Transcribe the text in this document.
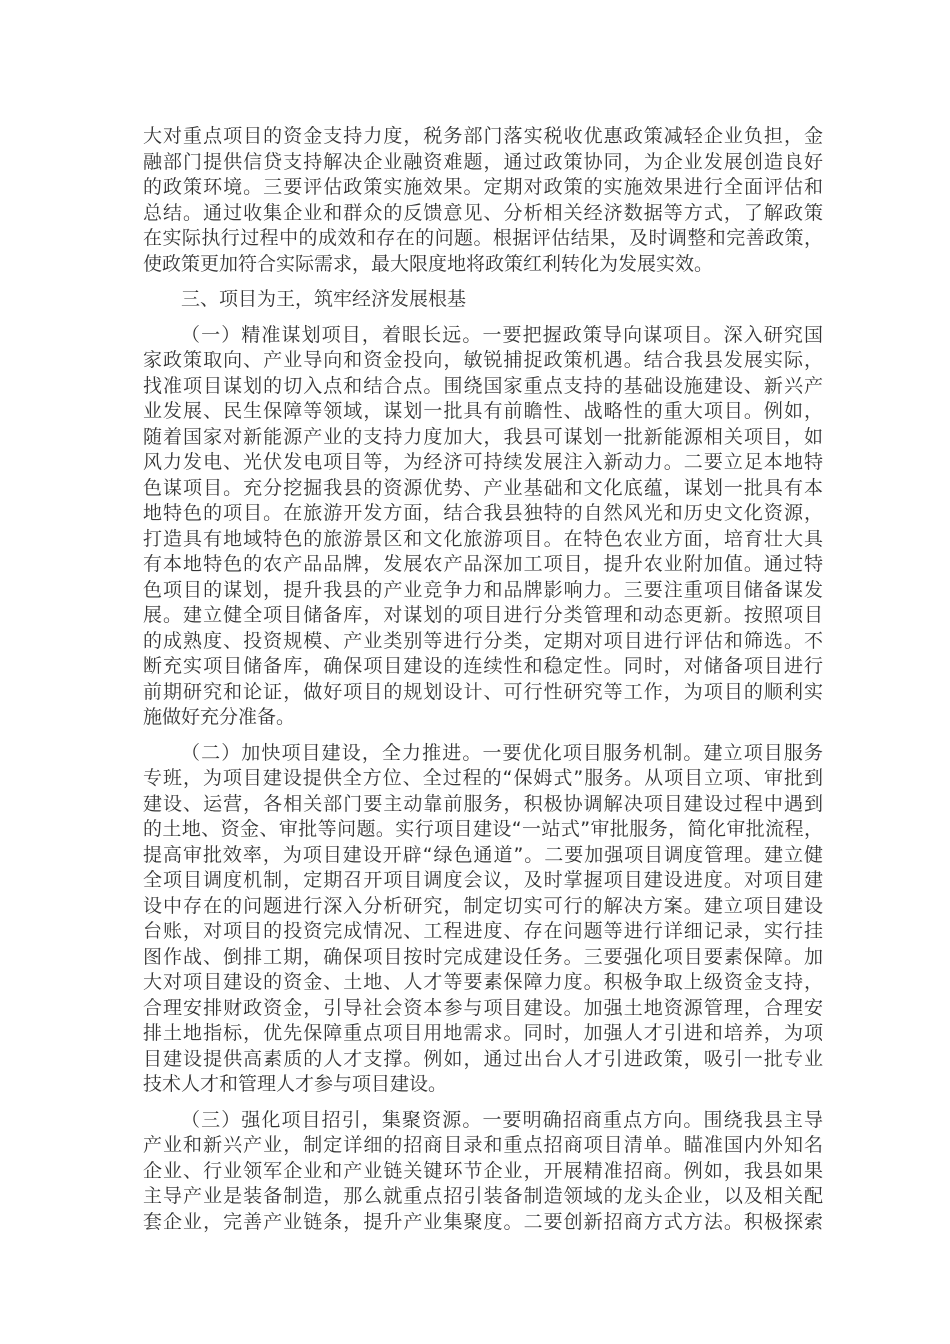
大对重点项目的资金支持力度，税务部门落实税收优惠政策减轻企业负担，金
融部门提供信贷支持解决企业融资难题，通过政策协同，为企业发展创造良好
的政策环境。三要评估政策实施效果。定期对政策的实施效果进行全面评估和
总结。通过收集企业和群众的反馈意见、分析相关经济数据等方式，了解政策
在实际执行过程中的成效和存在的问题。根据评估结果，及时调整和完善政策，
使政策更加符合实际需求，最大限度地将政策红利转化为发展实效。
三、项目为王，筑牢经济发展根基
（一）精准谋划项目，着眼长远。一要把握政策导向谋项目。深入研究国
家政策取向、产业导向和资金投向，敏锐捕捉政策机遇。结合我县发展实际，
找准项目谋划的切入点和结合点。围绕国家重点支持的基础设施建设、新兴产
业发展、民生保障等领域，谋划一批具有前瞻性、战略性的重大项目。例如，
随着国家对新能源产业的支持力度加大，我县可谋划一批新能源相关项目，如
风力发电、光伏发电项目等，为经济可持续发展注入新动力。二要立足本地特
色谋项目。充分挖掘我县的资源优势、产业基础和文化底蕴，谋划一批具有本
地特色的项目。在旅游开发方面，结合我县独特的自然风光和历史文化资源，
打造具有地域特色的旅游景区和文化旅游项目。在特色农业方面，培育壮大具
有本地特色的农产品品牌，发展农产品深加工项目，提升农业附加值。通过特
色项目的谋划，提升我县的产业竞争力和品牌影响力。三要注重项目储备谋发
展。建立健全项目储备库，对谋划的项目进行分类管理和动态更新。按照项目
的成熟度、投资规模、产业类别等进行分类，定期对项目进行评估和筛选。不
断充实项目储备库，确保项目建设的连续性和稳定性。同时，对储备项目进行
前期研究和论证，做好项目的规划设计、可行性研究等工作，为项目的顺利实
施做好充分准备。
（二）加快项目建设，全力推进。一要优化项目服务机制。建立项目服务
专班，为项目建设提供全方位、全过程的“保姆式”服务。从项目立项、审批到
建设、运营，各相关部门要主动靠前服务，积极协调解决项目建设过程中遇到
的土地、资金、审批等问题。实行项目建设“一站式”审批服务，简化审批流程，
提高审批效率，为项目建设开辟“绿色通道”。二要加强项目调度管理。建立健
全项目调度机制，定期召开项目调度会议，及时掌握项目建设进度。对项目建
设中存在的问题进行深入分析研究，制定切实可行的解决方案。建立项目建设
台账，对项目的投资完成情况、工程进度、存在问题等进行详细记录，实行挂
图作战、倒排工期，确保项目按时完成建设任务。三要强化项目要素保障。加
大对项目建设的资金、土地、人才等要素保障力度。积极争取上级资金支持，
合理安排财政资金，引导社会资本参与项目建设。加强土地资源管理，合理安
排土地指标，优先保障重点项目用地需求。同时，加强人才引进和培养，为项
目建设提供高素质的人才支撑。例如，通过出台人才引进政策，吸引一批专业
技术人才和管理人才参与项目建设。
（三）强化项目招引，集聚资源。一要明确招商重点方向。围绕我县主导
产业和新兴产业，制定详细的招商目录和重点招商项目清单。瞄准国内外知名
企业、行业领军企业和产业链关键环节企业，开展精准招商。例如，我县如果
主导产业是装备制造，那么就重点招引装备制造领域的龙头企业，以及相关配
套企业，完善产业链条，提升产业集聚度。二要创新招商方式方法。积极探索
